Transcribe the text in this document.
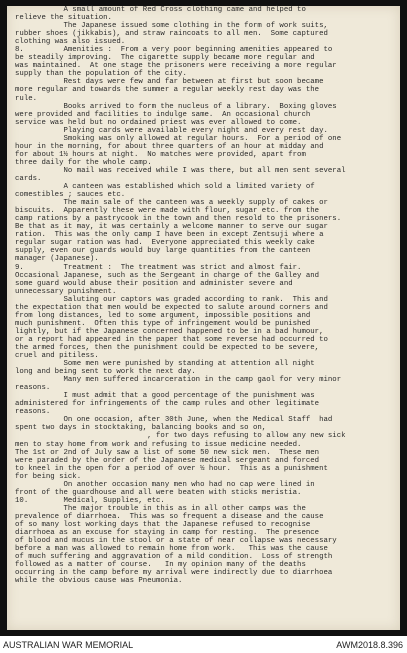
A small amount of Red Cross clothing came and helped to
relieve the situation.
The Japanese issued some clothing in the form of work suits,
rubber shoes (jikkabis), and straw raincoats to all men.  Some captured
clothing was also issued.
8.         Amenities :  From a very poor beginning amenities appeared to
be steadily improving.  The cigarette supply became more regular and
was maintained.  At one stage the prisoners were receiving a more regular
supply than the population of the city.
Rest days were few and far between at first but soon became
more regular and towards the summer a regular weekly rest day was the
rule.
Books arrived to form the nucleus of a library.  Boxing gloves
were provided and facilities to indulge same.  An occasional church
service was held but no ordained priest was ever allowed to come.
Playing cards were available every night and every rest day.
Smoking was only allowed at regular hours.  For a period of one
hour in the morning, for about three quarters of an hour at midday and
for about 1½ hours at night.  No matches were provided, apart from
three daily for the whole camp.
No mail was received while I was there, but all men sent several
cards.
A canteen was established which sold a limited variety of
comestibles ; sauces etc.
The main sale of the canteen was a weekly supply of cakes or
biscuits.  Apparently these were made with flour, sugar etc. from the
camp rations by a pastrycook in the town and then resold to the prisoners.
Be that as it may, it was certainly a welcome manner to serve our sugar
ration.  This was the only camp I have been in except Zentsuji where a
regular sugar ration was had.  Everyone appreciated this weekly cake
supply, even our guards would buy large quantities from the canteen
manager (Japanese).
9.         Treatment :  The treatment was strict and almost fair.
Occasional Japanese, such as the Sergeant in charge of the Galley and
some guard would abuse their position and administer severe and
unnecessary punishment.
Saluting our captors was graded according to rank.  This and
the expectation that men would be expected to salute around corners and
from long distances, led to some argument, impossible positions and
much punishment.  Often this type of infringement would be punished
lightly, but if the Japanese concerned happened to be in a bad humour,
or a report had appeared in the paper that some reverse had occurred to
the armed forces, then the punishment could be expected to be severe,
cruel and pitiless.
Some men were punished by standing at attention all night
long and being sent to work the next day.
Many men suffered incarceration in the camp gaol for very minor
reasons.
I must admit that a good percentage of the punishment was
administered for infringements of the camp rules and other legitimate
reasons.
On one occasion, after 30th June, when the Medical Staff  had
spent two days in stocktaking, balancing books and so on,
, for two days refusing to allow any new sick
men to stay home from work and refusing to issue medicine needed.
The 1st or 2nd of July saw a list of some 50 new sick men.  These men
were paraded by the order of the Japanese medical sergeant and forced
to kneel in the open for a period of over ½ hour.  This as a punishment
for being sick.
On another occasion many men who had no cap were lined in
front of the guardhouse and all were beaten with sticks meristia.
10.        Medical, Supplies, etc.
The major trouble in this as in all other camps was the
prevalence of diarrhoea.  This was so frequent a disease and the cause
of so many lost working days that the Japanese refused to recognise
diarrhoea as an excuse for staying in camp for resting.  The presence
of blood and mucus in the stool or a state of near collapse was necessary
before a man was allowed to remain home from work.   This was the cause
of much suffering and aggravation of a mild condition.  Loss of strength
followed as a matter of course.   In my opinion many of the deaths
occurring in the camp before my arrival were indirectly due to diarrhoea
while the obvious cause was Pneumonia.
AUSTRALIAN WAR MEMORIAL	AWM2018.8.396
